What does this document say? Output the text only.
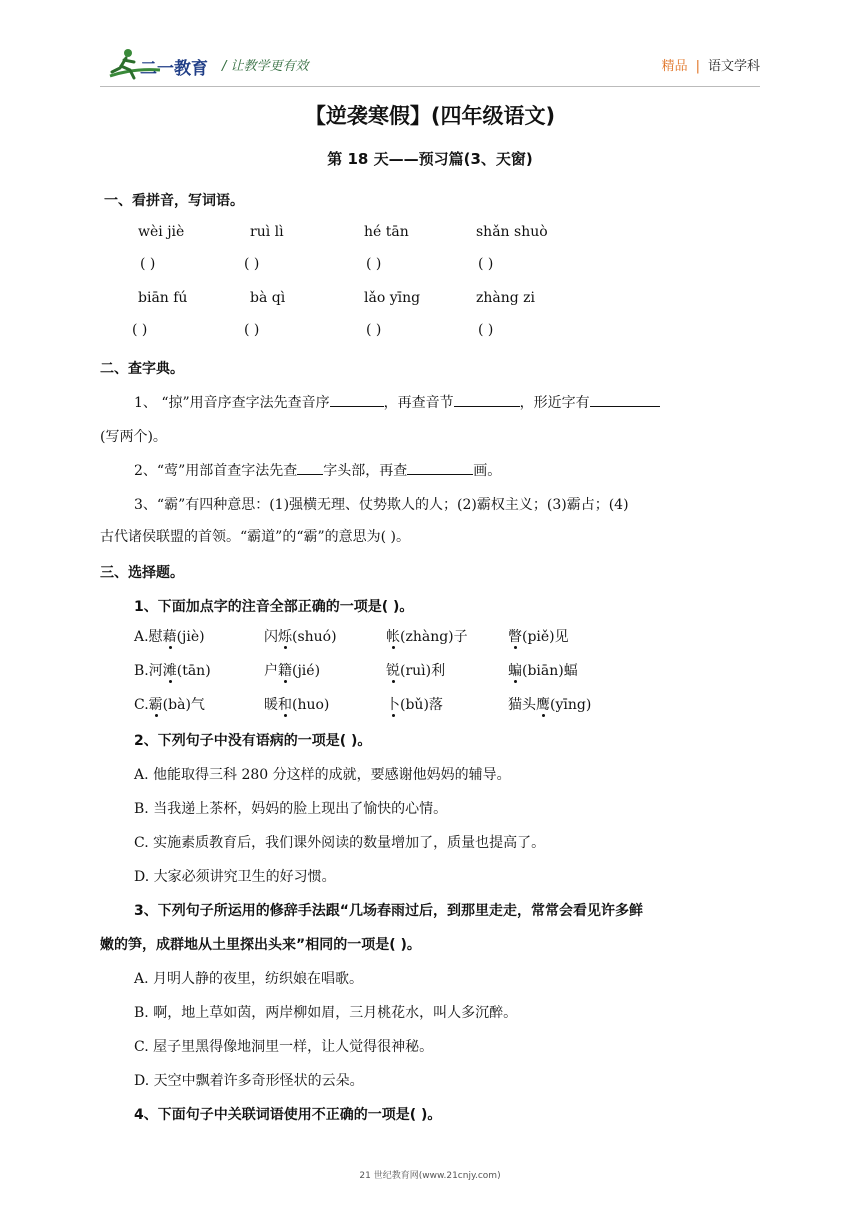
二一教育 / 让教学更有效	精品 | 语文学科
【逆袭寒假】(四年级语文)
第 18 天——预习篇(3、天窗)
一、看拼音，写词语。
wèi jiè	ruì lì	hé tān	shǎn shuò
( )	( )	( )	( )
biān fú	bà qì	lǎo yīng	zhàng zi
( )	( )	( )	( )
二、查字典。
1、 “掠”用音序查字法先查音序	，再查音节	，形近字有
(写两个)。
2、“莺”用部首查字法先查 字头部，再查	画。
3、“霸”有四种意思：(1)强横无理、仗势欺人的人；(2)霸权主义；(3)霸占；(4)
古代诸侯联盟的首领。“霸道”的“霸”的意思为( )。
三、选择题。
1、下面加点字的注音全部正确的一项是( )。
A.慰藉(jiè)	闪烁(shuó)	帐(zhàng)子	瞥(piě)见
B.河滩(tān)	户籍(jié)	锐(ruì)利	蝙(biān)蝠
C.霸(bà)气	暖和(huo)	卜(bǔ)落	猫头鹰(yīng)
2、下列句子中没有语病的一项是( )。
A. 他能取得三科 280 分这样的成就，要感谢他妈妈的辅导。
B. 当我递上茶杯，妈妈的脸上现出了愉快的心情。
C. 实施素质教育后，我们课外阅读的数量增加了，质量也提高了。
D. 大家必须讲究卫生的好习惯。
3、下列句子所运用的修辞手法跟“几场春雨过后，到那里走走，常常会看见许多鲜
嫩的笋，成群地从土里探出头来”相同的一项是( )。
A. 月明人静的夜里，纺织娘在唱歌。
B. 啊，地上草如茵，两岸柳如眉，三月桃花水，叫人多沉醉。
C. 屋子里黑得像地洞里一样，让人觉得很神秘。
D. 天空中飘着许多奇形怪状的云朵。
4、下面句子中关联词语使用不正确的一项是( )。
21 世纪教育网(www.21cnjy.com)
